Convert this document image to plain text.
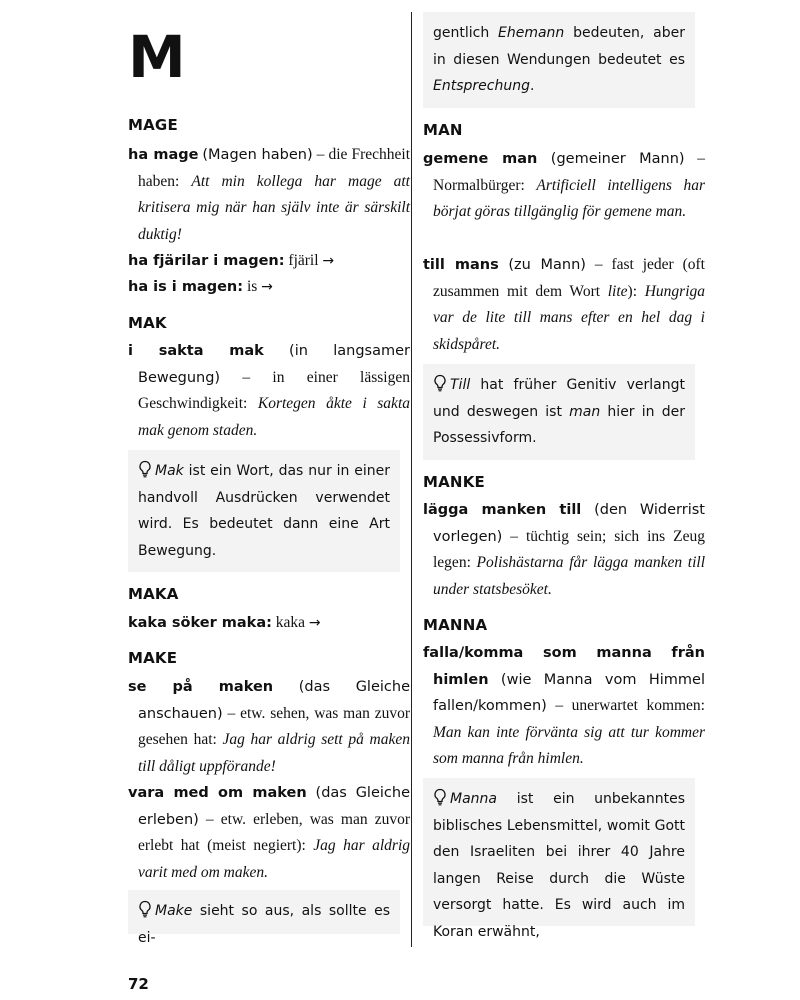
M
MAGE
ha mage (Magen haben) – die Frechheit haben: Att min kollega har mage att kritisera mig när han själv inte är särskilt duktig!
ha fjärilar i magen: fjäril →
ha is i magen: is →
MAK
i sakta mak (in langsamer Bewegung) – in einer lässigen Geschwindigkeit: Kortegen åkte i sakta mak genom staden.
Mak ist ein Wort, das nur in einer handvoll Ausdrücken verwendet wird. Es bedeutet dann eine Art Bewegung.
MAKA
kaka söker maka: kaka →
MAKE
se på maken (das Gleiche anschauen) – etw. sehen, was man zuvor gesehen hat: Jag har aldrig sett på maken till dåligt uppförande!
vara med om maken (das Gleiche erleben) – etw. erleben, was man zuvor erlebt hat (meist negiert): Jag har aldrig varit med om maken.
Make sieht so aus, als sollte es ei-
gentlich Ehemann bedeuten, aber in diesen Wendungen bedeutet es Entsprechung.
MAN
gemene man (gemeiner Mann) – Normalbürger: Artificiell intelligens har börjat göras tillgänglig för gemene man.
till mans (zu Mann) – fast jeder (oft zusammen mit dem Wort lite): Hungriga var de lite till mans efter en hel dag i skidspåret.
Till hat früher Genitiv verlangt und deswegen ist man hier in der Possessivform.
MANKE
lägga manken till (den Widerrist vorlegen) – tüchtig sein; sich ins Zeug legen: Polishästarna får lägga manken till under statsbesöket.
MANNA
falla/komma som manna från himlen (wie Manna vom Himmel fallen/kommen) – unerwartet kommen: Man kan inte förvänta sig att tur kommer som manna från himlen.
Manna ist ein unbekanntes biblisches Lebensmittel, womit Gott den Israeliten bei ihrer 40 Jahre langen Reise durch die Wüste versorgt hatte. Es wird auch im Koran erwähnt,
72
